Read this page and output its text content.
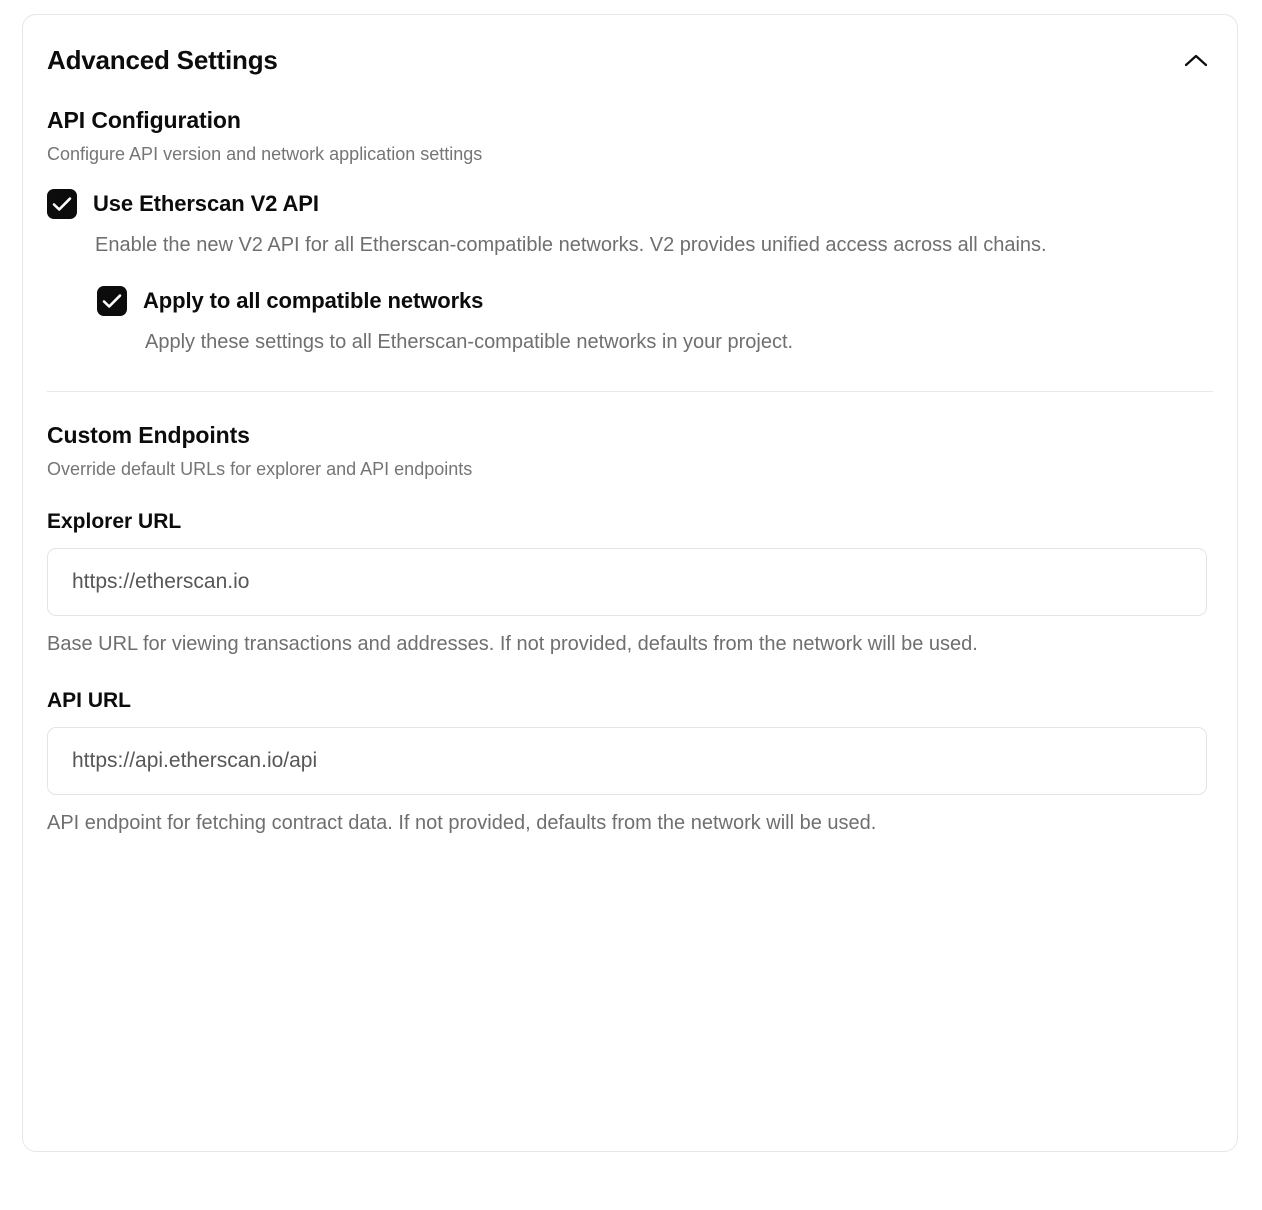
Advanced Settings
API Configuration
Configure API version and network application settings
Use Etherscan V2 API
Enable the new V2 API for all Etherscan-compatible networks. V2 provides unified access across all chains.
Apply to all compatible networks
Apply these settings to all Etherscan-compatible networks in your project.
Custom Endpoints
Override default URLs for explorer and API endpoints
Explorer URL
https://etherscan.io
Base URL for viewing transactions and addresses. If not provided, defaults from the network will be used.
API URL
https://api.etherscan.io/api
API endpoint for fetching contract data. If not provided, defaults from the network will be used.
